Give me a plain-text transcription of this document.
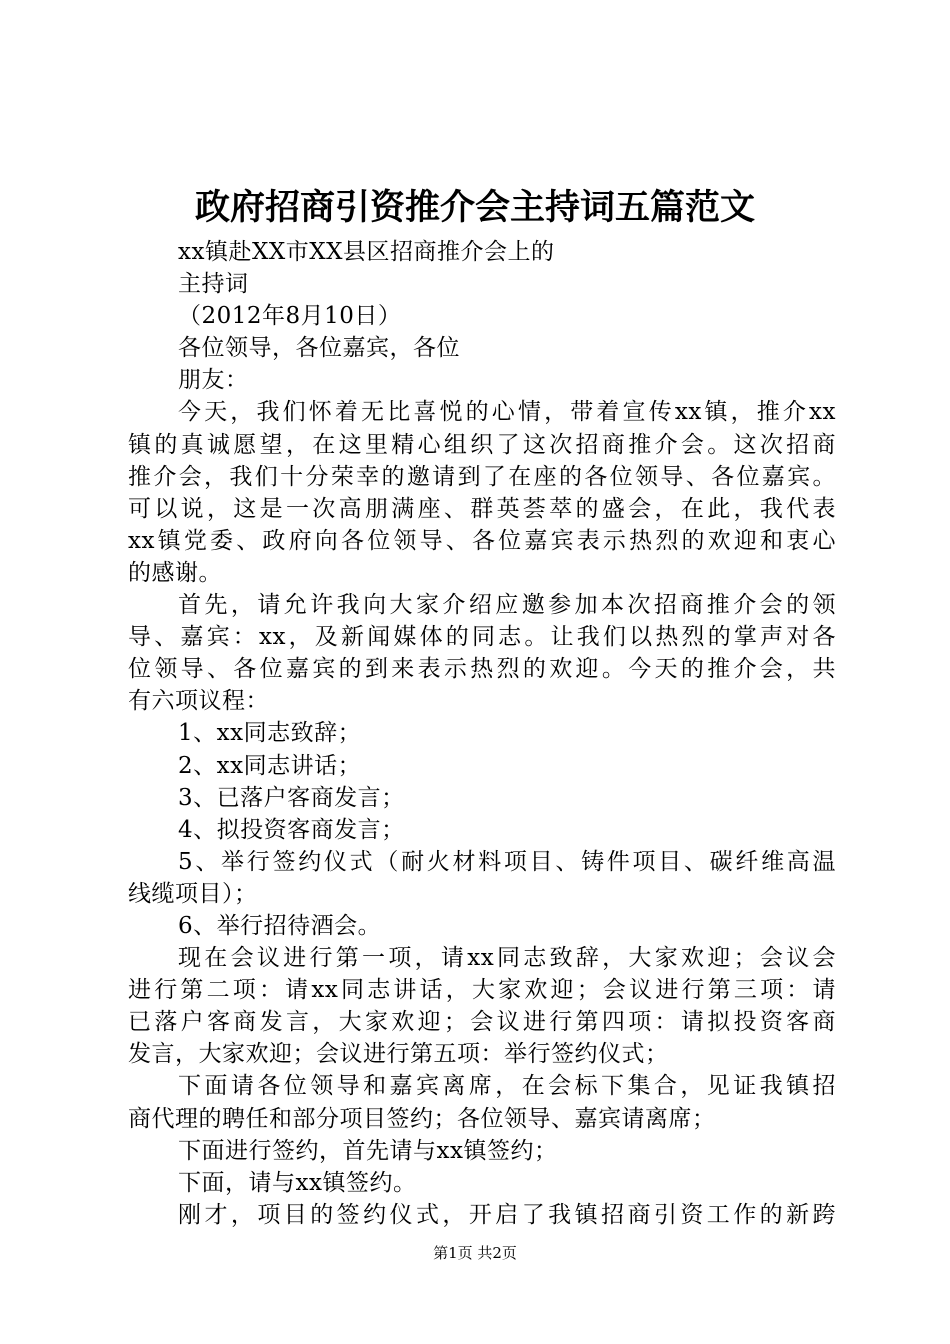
政府招商引资推介会主持词五篇范文
xx镇赴XX市XX县区招商推介会上的
主持词
（2012年8月10日）
各位领导，各位嘉宾，各位
朋友：
今天，我们怀着无比喜悦的心情，带着宣传xx镇，推介xx
镇的真诚愿望，在这里精心组织了这次招商推介会。这次招商
推介会，我们十分荣幸的邀请到了在座的各位领导、各位嘉宾。
可以说，这是一次高朋满座、群英荟萃的盛会，在此，我代表
xx镇党委、政府向各位领导、各位嘉宾表示热烈的欢迎和衷心
的感谢。
首先，请允许我向大家介绍应邀参加本次招商推介会的领
导、嘉宾：xx，及新闻媒体的同志。让我们以热烈的掌声对各
位领导、各位嘉宾的到来表示热烈的欢迎。今天的推介会，共
有六项议程：
1、xx同志致辞；
2、xx同志讲话；
3、已落户客商发言；
4、拟投资客商发言；
5、举行签约仪式（耐火材料项目、铸件项目、碳纤维高温
线缆项目）；
6、举行招待酒会。
现在会议进行第一项，请xx同志致辞，大家欢迎；会议会
进行第二项：请xx同志讲话，大家欢迎；会议进行第三项：请
已落户客商发言，大家欢迎；会议进行第四项：请拟投资客商
发言，大家欢迎；会议进行第五项：举行签约仪式；
下面请各位领导和嘉宾离席，在会标下集合，见证我镇招
商代理的聘任和部分项目签约；各位领导、嘉宾请离席；
下面进行签约，首先请与xx镇签约；
下面，请与xx镇签约。
刚才，项目的签约仪式，开启了我镇招商引资工作的新跨
第1页 共2页
